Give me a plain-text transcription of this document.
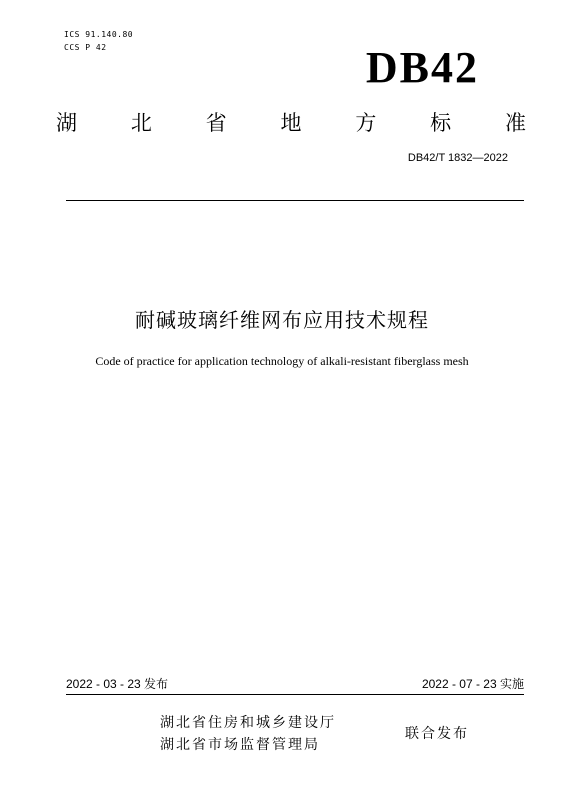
ICS 91.140.80
CCS P 42	DB42
湖	北	省	地	方	标	准
DB42/T 1832—2022
耐碱玻璃纤维网布应用技术规程
Code of practice for application technology of alkali-resistant fiberglass mesh
2022 - 03 - 23 发布	2022 - 07 - 23 实施
湖北省住房和城乡建设厅
湖北省市场监督管理局
联合发布
